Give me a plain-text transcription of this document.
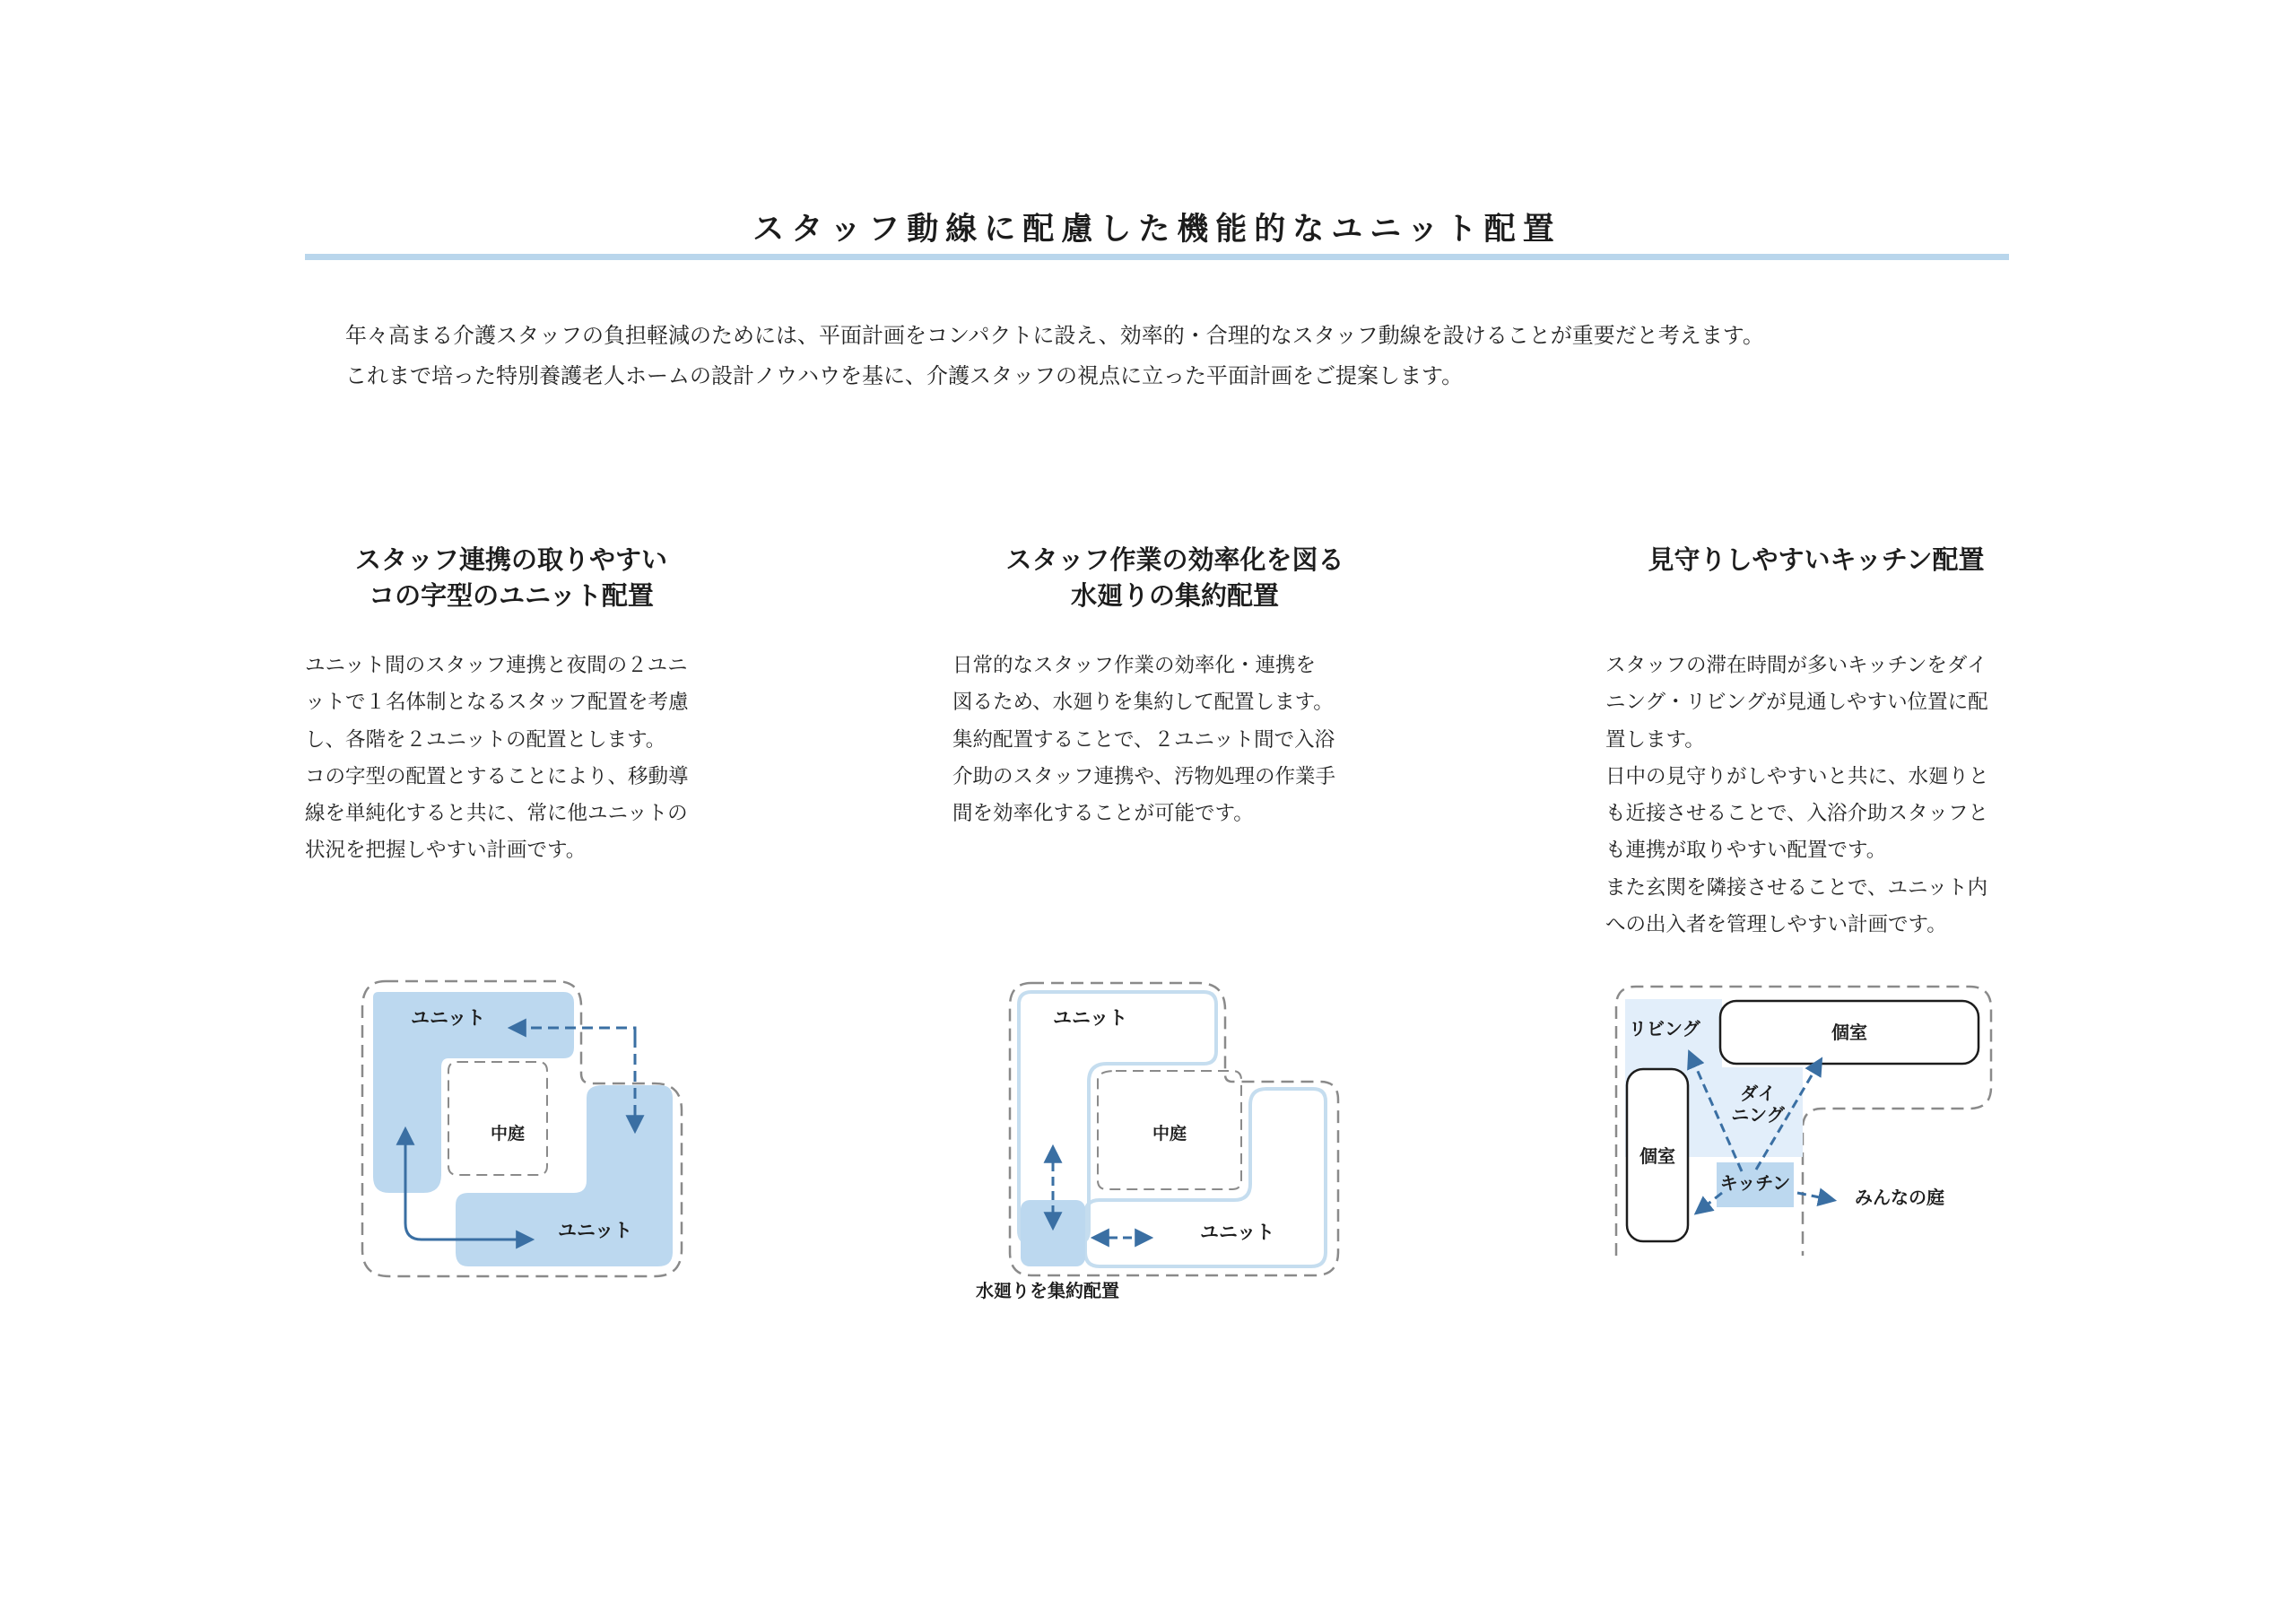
スタッフ動線に配慮した機能的なユニット配置

年々高まる介護スタッフの負担軽減のためには、平面計画をコンパクトに設え、効率的・合理的なスタッフ動線を設けることが重要だと考えます。

これまで培った特別養護老人ホームの設計ノウハウを基に、介護スタッフの視点に立った平面計画をご提案します。

スタッフ連携の取りやすい
コの字型のユニット配置
ユニット間のスタッフ連携と夜間の２ユニ
ットで１名体制となるスタッフ配置を考慮
し、各階を２ユニットの配置とします。
コの字型の配置とすることにより、移動導
線を単純化すると共に、常に他ユニットの
状況を把握しやすい計画です。
スタッフ作業の効率化を図る
水廻りの集約配置
日常的なスタッフ作業の効率化・連携を
図るため、水廻りを集約して配置します。
集約配置することで、２ユニット間で入浴
介助のスタッフ連携や、汚物処理の作業手
間を効率化することが可能です。
見守りしやすいキッチン配置
スタッフの滞在時間が多いキッチンをダイ
ニング・リビングが見通しやすい位置に配
置します。
日中の見守りがしやすいと共に、水廻りと
も近接させることで、入浴介助スタッフと
も連携が取りやすい配置です。
また玄関を隣接させることで、ユニット内
への出入者を管理しやすい計画です。
ユニット
中庭
ユニット
ユニット
中庭
ユニット
水廻りを集約配置
リビング	個室
ダイ
ニング
個室
キッチン
みんなの庭
